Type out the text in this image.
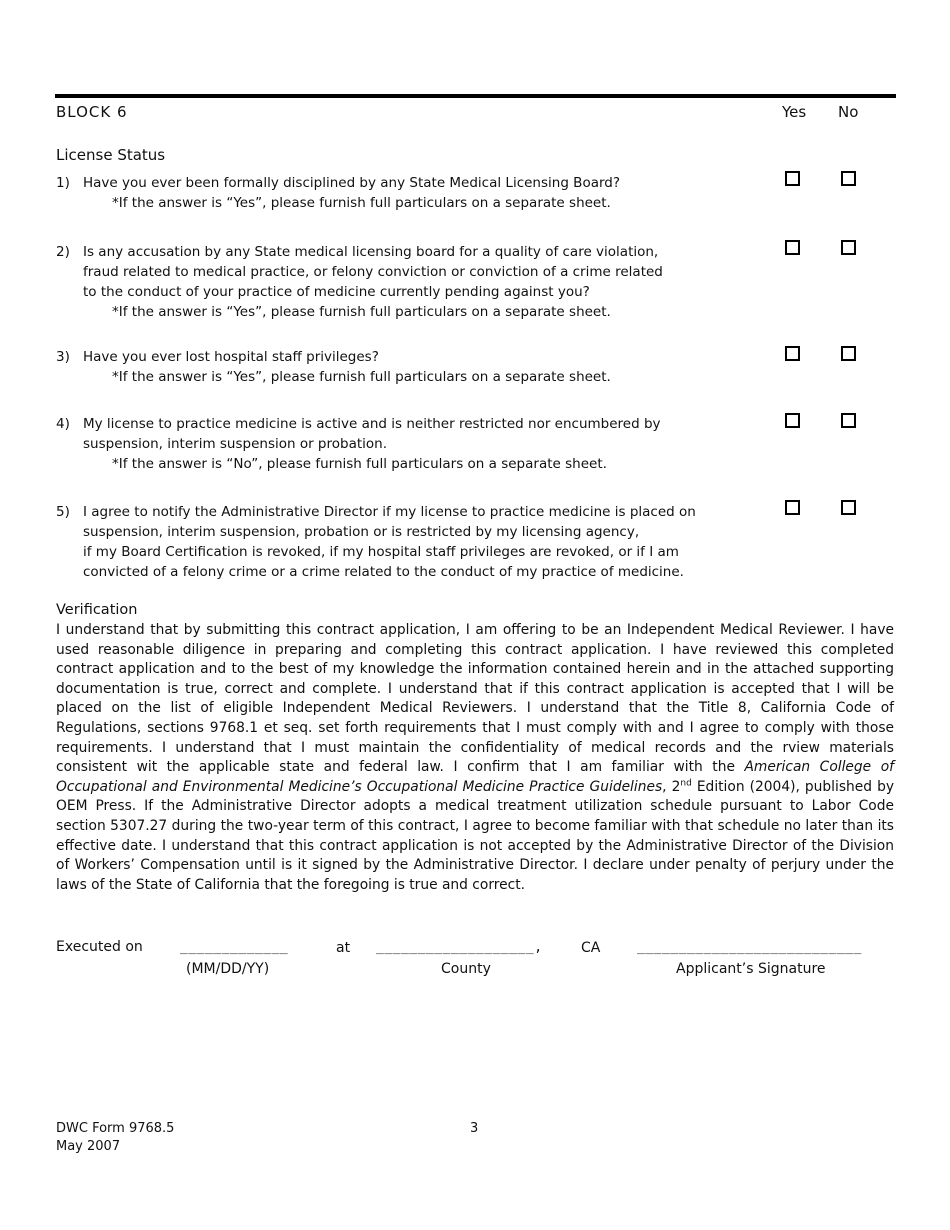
BLOCK 6	Yes No
License Status
1) Have you ever been formally disciplined by any State Medical Licensing Board?
*If the answer is “Yes”, please furnish full particulars on a separate sheet.
2) Is any accusation by any State medical licensing board for a quality of care violation,
fraud related to medical practice, or felony conviction or conviction of a crime related
to the conduct of your practice of medicine currently pending against you?
*If the answer is “Yes”, please furnish full particulars on a separate sheet.
3) Have you ever lost hospital staff privileges?
*If the answer is “Yes”, please furnish full particulars on a separate sheet.
4) My license to practice medicine is active and is neither restricted nor encumbered by
suspension, interim suspension or probation.
*If the answer is “No”, please furnish full particulars on a separate sheet.
5) I agree to notify the Administrative Director if my license to practice medicine is placed on
suspension, interim suspension, probation or is restricted by my licensing agency,
if my Board Certification is revoked, if my hospital staff privileges are revoked, or if I am
convicted of a felony crime or a crime related to the conduct of my practice of medicine.
Verification
I understand that by submitting this contract application, I am offering to be an Independent Medical Reviewer. I have used reasonable diligence in preparing and completing this contract application. I have reviewed this completed contract application and to the best of my knowledge the information contained herein and in the attached supporting documentation is true, correct and complete. I understand that if this contract application is accepted that I will be placed on the list of eligible Independent Medical Reviewers. I understand that the Title 8, California Code of Regulations, sections 9768.1 et seq. set forth requirements that I must comply with and I agree to comply with those requirements. I understand that I must maintain the confidentiality of medical records and the rview materials consistent wit the applicable state and federal law. I confirm that I am familiar with the American College of Occupational and Environmental Medicine’s Occupational Medicine Practice Guidelines, 2nd Edition (2004), published by OEM Press. If the Administrative Director adopts a medical treatment utilization schedule pursuant to Labor Code section 5307.27 during the two-year term of this contract, I agree to become familiar with that schedule no later than its effective date. I understand that this contract application is not accepted by the Administrative Director of the Division of Workers’ Compensation until is it signed by the Administrative Director. I declare under penalty of perjury under the laws of the State of California that the foregoing is true and correct.
Executed on	_____________	at ___________________,	CA	___________________________
(MM/DD/YY)	County	Applicant’s Signature
DWC Form 9768.5
May 2007
3
